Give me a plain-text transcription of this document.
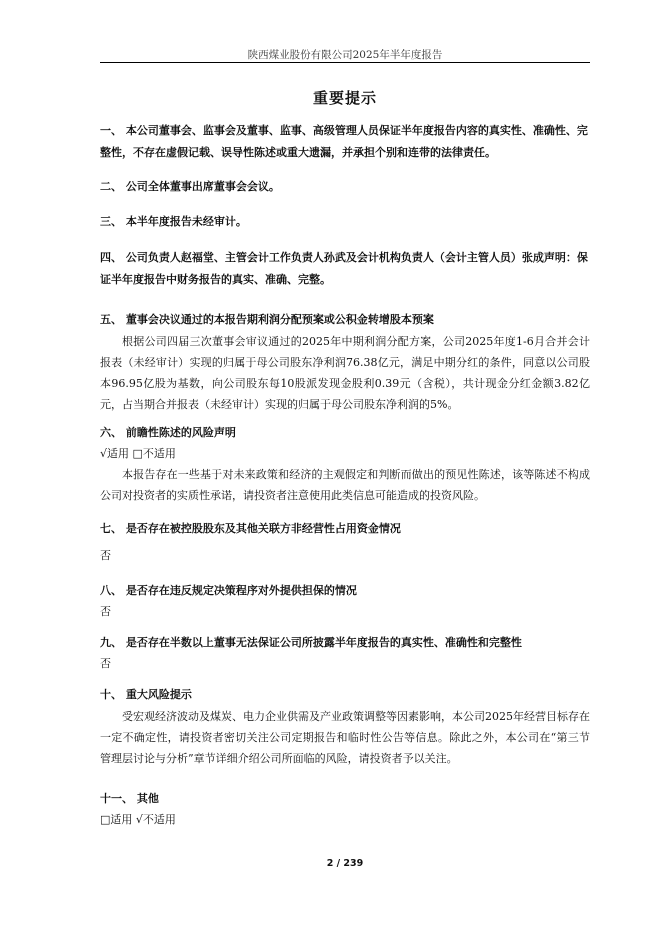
陕西煤业股份有限公司2025年半年度报告
重要提示

一、 本公司董事会、监事会及董事、监事、高级管理人员保证半年度报告内容的真实性、准确性、完整性，不存在虚假记载、误导性陈述或重大遗漏，并承担个别和连带的法律责任。

二、 公司全体董事出席董事会会议。

三、 本半年度报告未经审计。

四、 公司负责人赵福堂、主管会计工作负责人孙武及会计机构负责人（会计主管人员）张成声明：保证半年度报告中财务报告的真实、准确、完整。

五、 董事会决议通过的本报告期利润分配预案或公积金转增股本预案

根据公司四届三次董事会审议通过的2025年中期利润分配方案，公司2025年度1-6月合并会计报表（未经审计）实现的归属于母公司股东净利润76.38亿元，满足中期分红的条件，同意以公司股本96.95亿股为基数，向公司股东每10股派发现金股利0.39元（含税），共计现金分红金额3.82亿元，占当期合并报表（未经审计）实现的归属于母公司股东净利润的5%。

六、 前瞻性陈述的风险声明

√适用 □不适用

本报告存在一些基于对未来政策和经济的主观假定和判断而做出的预见性陈述，该等陈述不构成公司对投资者的实质性承诺，请投资者注意使用此类信息可能造成的投资风险。

七、 是否存在被控股股东及其他关联方非经营性占用资金情况

否

八、 是否存在违反规定决策程序对外提供担保的情况

否

九、 是否存在半数以上董事无法保证公司所披露半年度报告的真实性、准确性和完整性

否

十、 重大风险提示

受宏观经济波动及煤炭、电力企业供需及产业政策调整等因素影响，本公司2025年经营目标存在一定不确定性，请投资者密切关注公司定期报告和临时性公告等信息。除此之外，本公司在“第三节 管理层讨论与分析”章节详细介绍公司所面临的风险，请投资者予以关注。

十一、 其他

□适用 √不适用

2 / 239
